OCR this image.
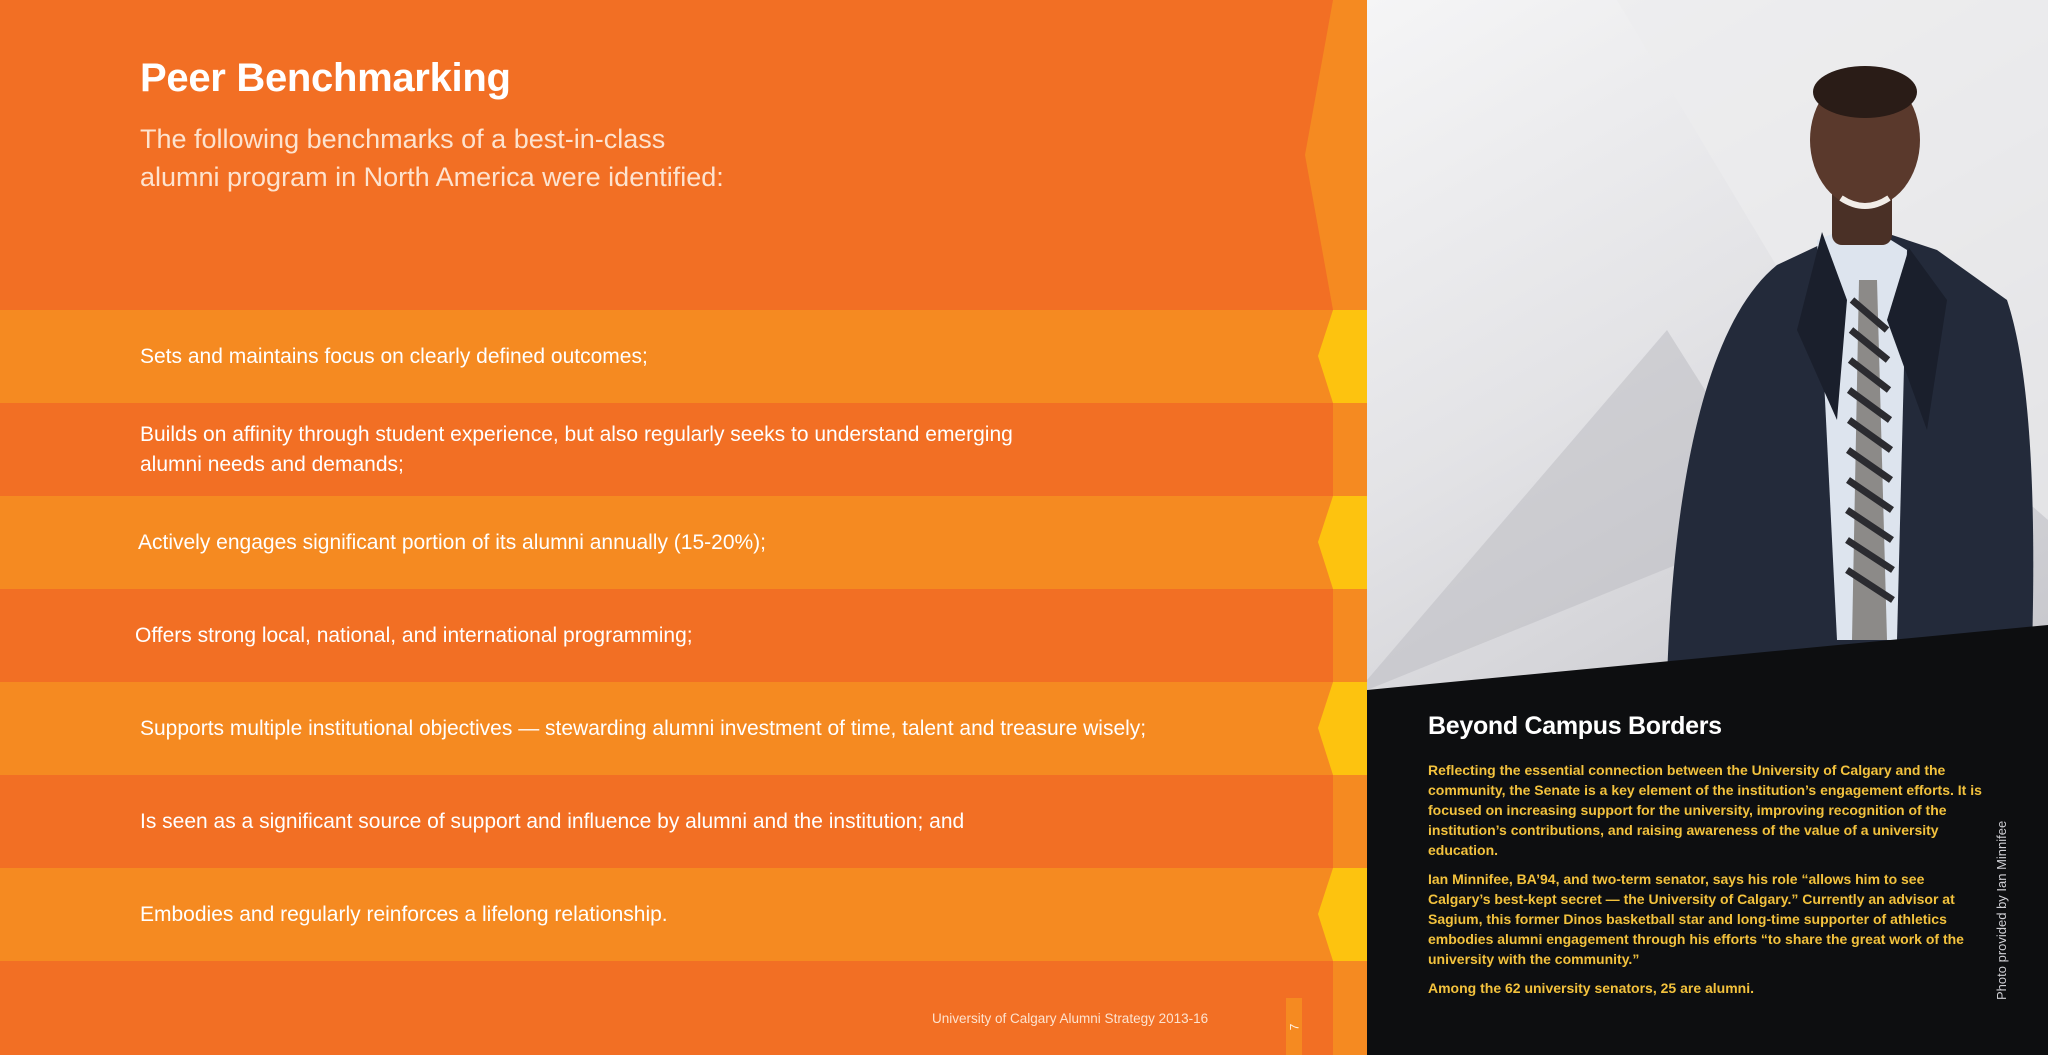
Peer Benchmarking

The following benchmarks of a best-in-class
alumni program in North America were identified:

Sets and maintains focus on clearly defined outcomes;
Builds on affinity through student experience, but also regularly seeks to understand emerging
alumni needs and demands;
Actively engages significant portion of its alumni annually (15-20%);
Offers strong local, national, and international programming;
Supports multiple institutional objectives — stewarding alumni investment of time, talent and treasure wisely;
Is seen as a significant source of support and influence by alumni and the institution; and
Embodies and regularly reinforces a lifelong relationship.
University of Calgary Alumni Strategy 2013-16
7
Beyond Campus Borders

Reflecting the essential connection between the University of Calgary and the community, the Senate is a key element of the institution’s engagement efforts. It is focused on increasing support for the university, improving recognition of the institution’s contributions, and raising awareness of the value of a university education.

Ian Minnifee, BA’94, and two-term senator, says his role “allows him to see Calgary’s best-kept secret — the University of Calgary.” Currently an advisor at Sagium, this former Dinos basketball star and long-time supporter of athletics embodies alumni engagement through his efforts “to share the great work of the university with the community.”

Among the 62 university senators, 25 are alumni.	Photo provided by Ian Minnifee
